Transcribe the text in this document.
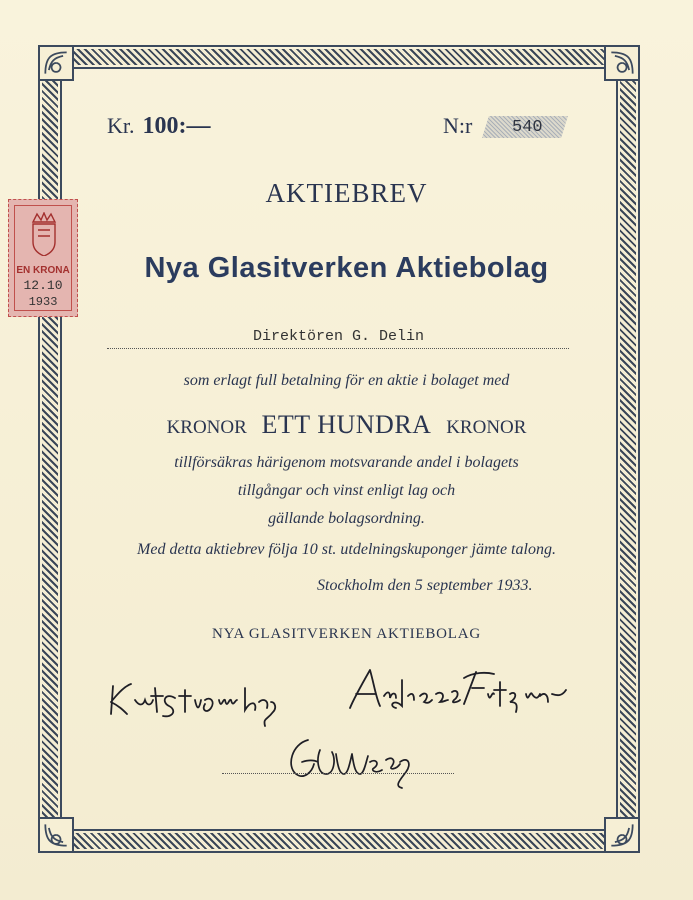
Kr. 100:—	N:r 540
AKTIEBREV
Nya Glasitverken Aktiebolag
Direktören G. Delin
som erlagt full betalning för en aktie i bolaget med
KRONOR ETT HUNDRA KRONOR
tillförsäkras härigenom motsvarande andel i bolagets
tillgångar och vinst enligt lag och
gällande bolagsordning.
Med detta aktiebrev följa 10 st. utdelningskuponger jämte talong.
Stockholm den 5 september 1933.
NYA GLASITVERKEN AKTIEBOLAG
EN KRONA
12.10
1933
